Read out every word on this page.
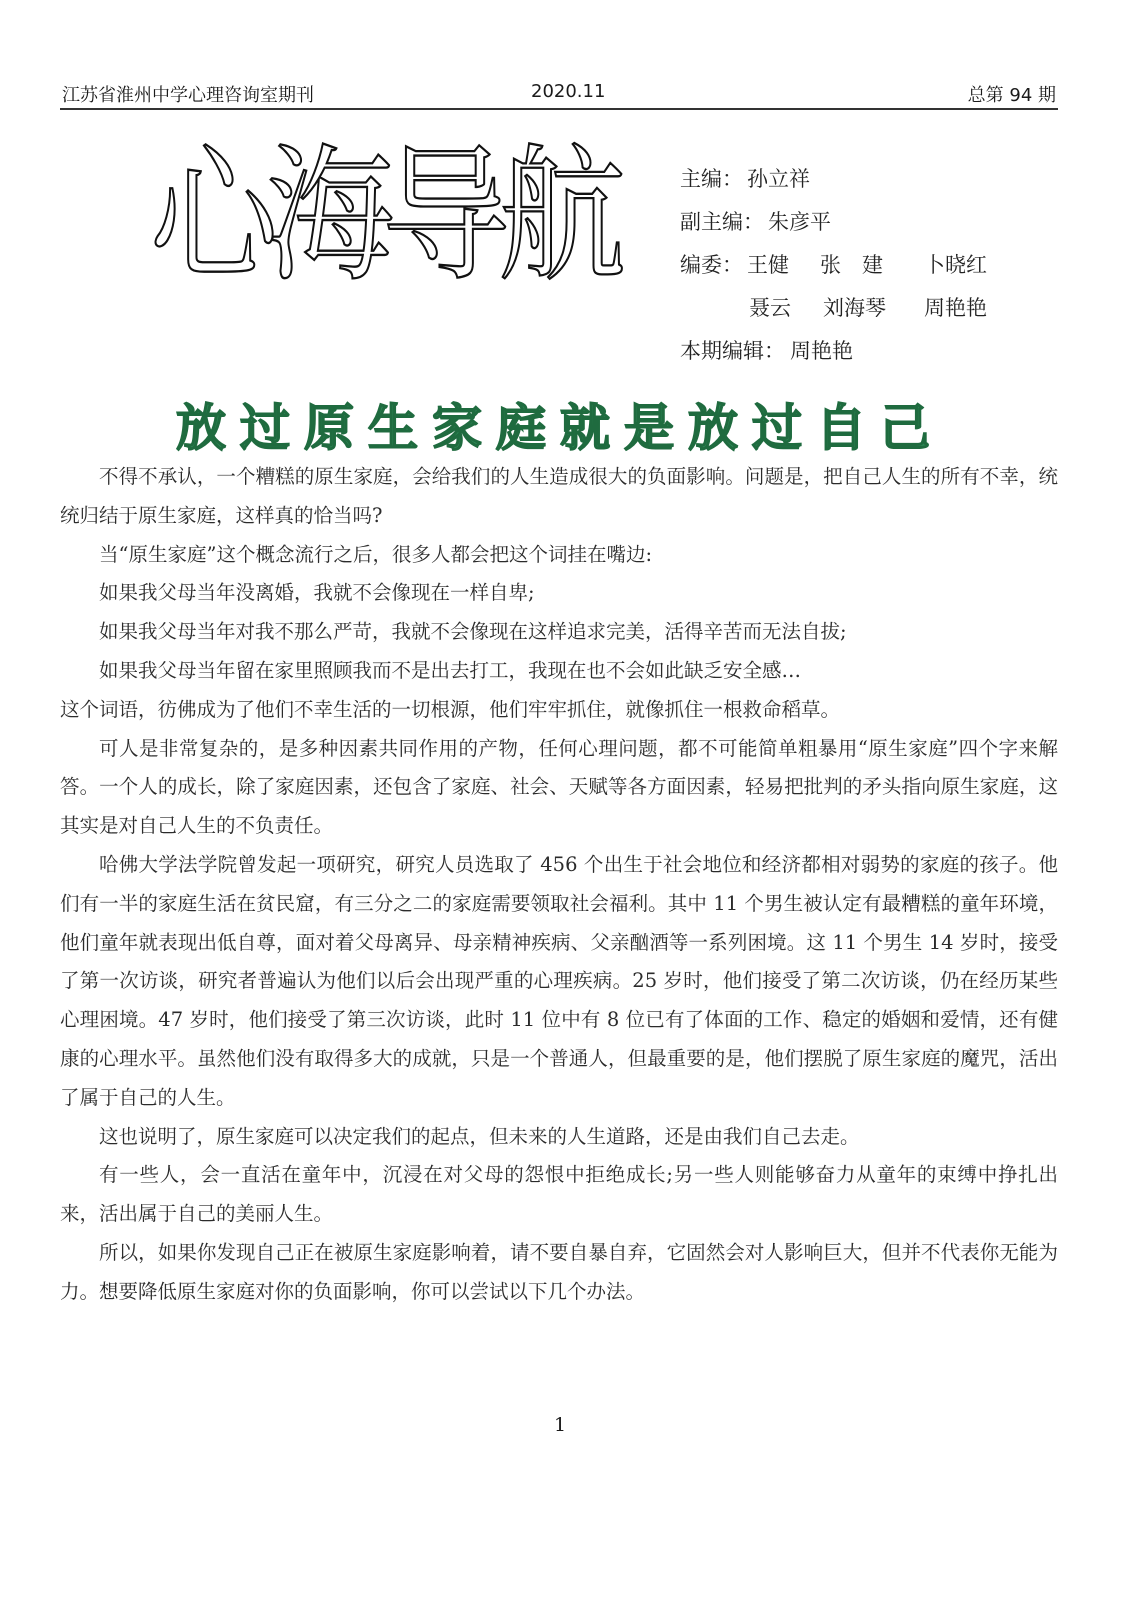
江苏省淮州中学心理咨询室期刊	2020.11	总第 94 期
心海导航	主编： 孙立祥
副主编： 朱彦平
编委： 王健 张　建 卜晓红
聂云 刘海琴 周艳艳
本期编辑： 周艳艳
放过原生家庭就是放过自己

不得不承认，一个糟糕的原生家庭，会给我们的人生造成很大的负面影响。问题是，把自己人生的所有不幸，统统归结于原生家庭，这样真的恰当吗?

当“原生家庭”这个概念流行之后，很多人都会把这个词挂在嘴边:

如果我父母当年没离婚，我就不会像现在一样自卑;

如果我父母当年对我不那么严苛，我就不会像现在这样追求完美，活得辛苦而无法自拔;

如果我父母当年留在家里照顾我而不是出去打工，我现在也不会如此缺乏安全感…

这个词语，彷佛成为了他们不幸生活的一切根源，他们牢牢抓住，就像抓住一根救命稻草。

可人是非常复杂的，是多种因素共同作用的产物，任何心理问题，都不可能简单粗暴用“原生家庭”四个字来解答。一个人的成长，除了家庭因素，还包含了家庭、社会、天赋等各方面因素，轻易把批判的矛头指向原生家庭，这其实是对自己人生的不负责任。

哈佛大学法学院曾发起一项研究，研究人员选取了 456 个出生于社会地位和经济都相对弱势的家庭的孩子。他们有一半的家庭生活在贫民窟，有三分之二的家庭需要领取社会福利。其中 11 个男生被认定有最糟糕的童年环境，他们童年就表现出低自尊，面对着父母离异、母亲精神疾病、父亲酗酒等一系列困境。这 11 个男生 14 岁时，接受了第一次访谈，研究者普遍认为他们以后会出现严重的心理疾病。25 岁时，他们接受了第二次访谈，仍在经历某些心理困境。47 岁时，他们接受了第三次访谈，此时 11 位中有 8 位已有了体面的工作、稳定的婚姻和爱情，还有健康的心理水平。虽然他们没有取得多大的成就，只是一个普通人，但最重要的是，他们摆脱了原生家庭的魔咒，活出了属于自己的人生。

这也说明了，原生家庭可以决定我们的起点，但未来的人生道路，还是由我们自己去走。

有一些人，会一直活在童年中，沉浸在对父母的怨恨中拒绝成长;另一些人则能够奋力从童年的束缚中挣扎出来，活出属于自己的美丽人生。

所以，如果你发现自己正在被原生家庭影响着，请不要自暴自弃，它固然会对人影响巨大，但并不代表你无能为力。想要降低原生家庭对你的负面影响，你可以尝试以下几个办法。

1
